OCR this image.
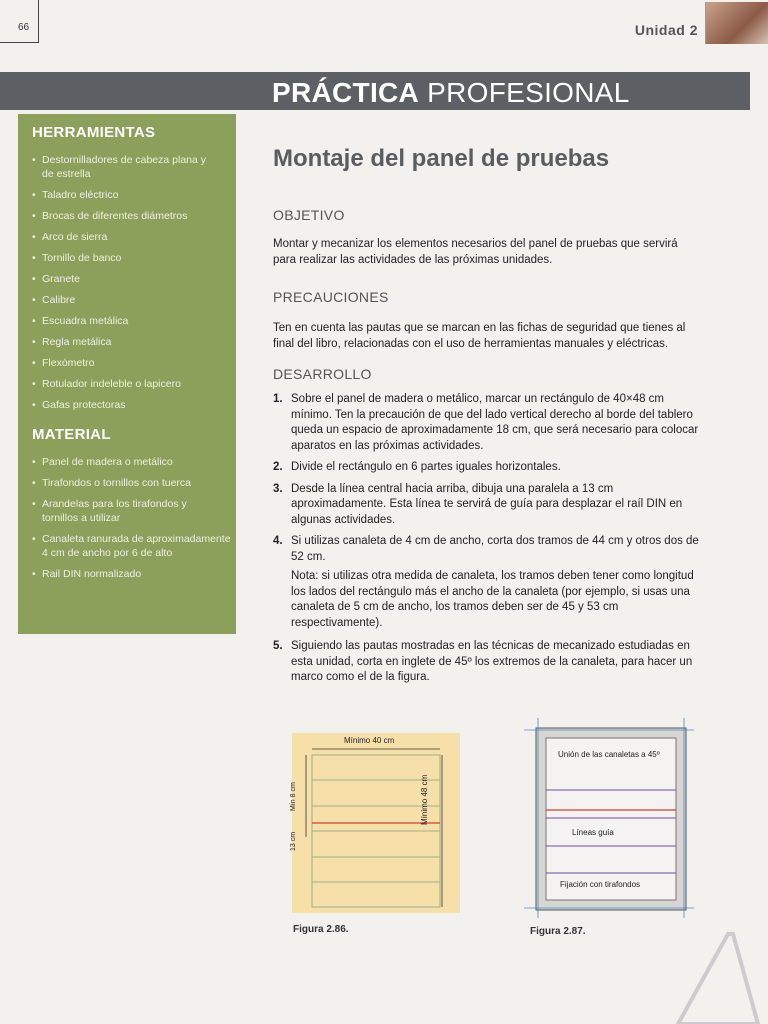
66	Unidad 2
PRÁCTICA PROFESIONAL
HERRAMIENTAS
• Destornilladores de cabeza plana y de estrella
• Taladro eléctrico
• Brocas de diferentes diámetros
• Arco de sierra
• Tornillo de banco
• Granete
• Calibre
• Escuadra metálica
• Regla metálica
• Flexómetro
• Rotulador indeleble o lapicero
• Gafas protectoras
MATERIAL
• Panel de madera o metálico
• Tirafondos o tornillos con tuerca
• Arandelas para los tirafondos y tornillos a utilizar
• Canaleta ranurada de aproximadamente 4 cm de ancho por 6 de alto
• Rail DIN normalizado
Montaje del panel de pruebas
OBJETIVO
Montar y mecanizar los elementos necesarios del panel de pruebas que servirá para realizar las actividades de las próximas unidades.
PRECAUCIONES
Ten en cuenta las pautas que se marcan en las fichas de seguridad que tienes al final del libro, relacionadas con el uso de herramientas manuales y eléctricas.
DESARROLLO
1. Sobre el panel de madera o metálico, marcar un rectángulo de 40×48 cm mínimo. Ten la precaución de que del lado vertical derecho al borde del tablero queda un espacio de aproximadamente 18 cm, que será necesario para colocar aparatos en las próximas actividades.
2. Divide el rectángulo en 6 partes iguales horizontales.
3. Desde la línea central hacia arriba, dibuja una paralela a 13 cm aproximadamente. Esta línea te servirá de guía para desplazar el raíl DIN en algunas actividades.
4. Si utilizas canaleta de 4 cm de ancho, corta dos tramos de 44 cm y otros dos de 52 cm.
Nota: si utilizas otra medida de canaleta, los tramos deben tener como longitud los lados del rectángulo más el ancho de la canaleta (por ejemplo, si usas una canaleta de 5 cm de ancho, los tramos deben ser de 45 y 53 cm respectivamente).
5. Siguiendo las pautas mostradas en las técnicas de mecanizado estudiadas en esta unidad, corta en inglete de 45º los extremos de la canaleta, para hacer un marco como el de la figura.
Mínimo 40 cm
Mínimo 48 cm
Mín 8 cm
13 cm
Figura 2.86.
Unión de las canaletas a 45º
Líneas guía
Fijación con tirafondos
Figura 2.87.
